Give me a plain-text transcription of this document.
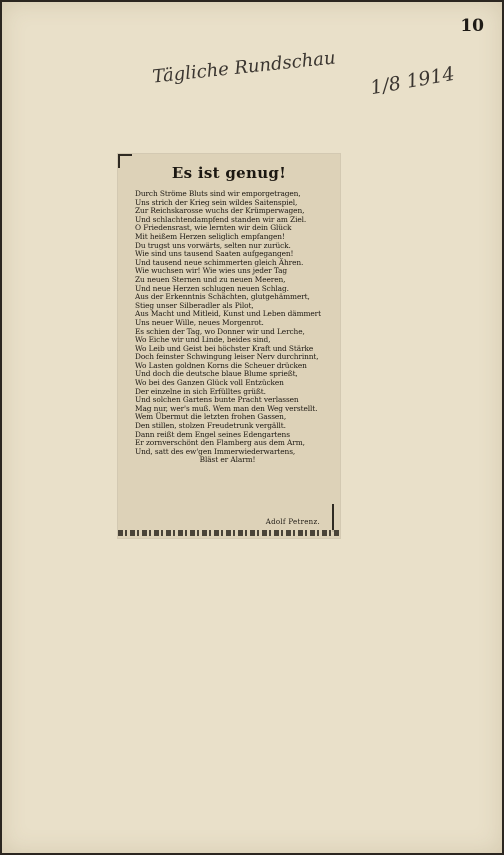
10
Tägliche Rundschau 1/8 1914
Es ist genug!
Durch Ströme Bluts sind wir emporgetragen,
Uns strich der Krieg sein wildes Saitenspiel,
Zur Reichskarosse wuchs der Krümperwagen,
Und schlachtendampfend standen wir am Ziel.
O Friedensrast, wie lernten wir dein Glück
Mit heißem Herzen seliglich empfangen!
Du trugst uns vorwärts, selten nur zurück.
Wie sind uns tausend Saaten aufgegangen!
Und tausend neue schimmerten gleich Ähren.
Wie wuchsen wir! Wie wies uns jeder Tag
Zu neuen Sternen und zu neuen Meeren,
Und neue Herzen schlugen neuen Schlag.
Aus der Erkenntnis Schächten, glutgehämmert,
Stieg unser Silberadler als Pilot,
Aus Macht und Mitleid, Kunst und Leben dämmert
Uns neuer Wille, neues Morgenrot.
Es schien der Tag, wo Donner wir und Lerche,
Wo Eiche wir und Linde, beides sind,
Wo Leib und Geist bei höchster Kraft und Stärke
Doch feinster Schwingung leiser Nerv durchrinnt,
Wo Lasten goldnen Korns die Scheuer drücken
Und doch die deutsche blaue Blume sprießt,
Wo bei des Ganzen Glück voll Entzücken
Der einzelne in sich Erfülltes grüßt.
Und solchen Gartens bunte Pracht verlassen
Mag nur, wer's muß. Wem man den Weg verstellt.
Wem Übermut die letzten frohen Gassen,
Den stillen, stolzen Freudetrunk vergällt.
Dann reißt dem Engel seines Edengartens
Er zornverschönt den Flamberg aus dem Arm,
Und, satt des ew'gen Immerwiederwartens,
Bläst er Alarm!
Adolf Petrenz.
